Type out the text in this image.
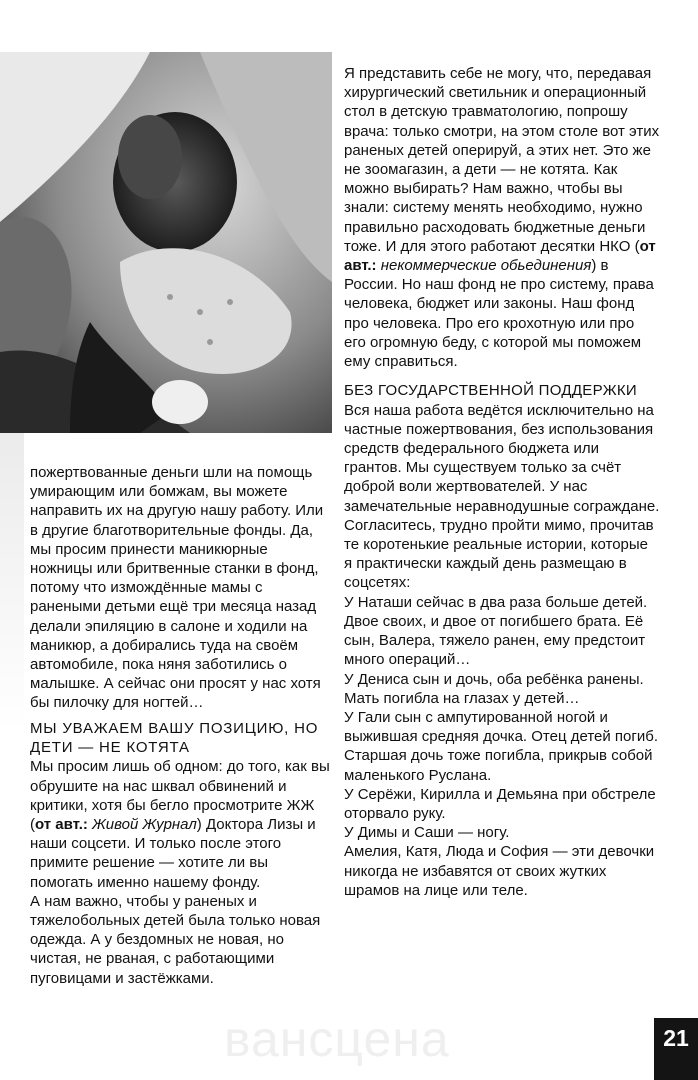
пожертвованные деньги шли на помощь умирающим или бомжам, вы можете направить их на другую нашу работу. Или в другие благотворительные фонды. Да, мы просим принести маникюрные ножницы или бритвенные станки в фонд, потому что измождённые мамы с ранеными детьми ещё три месяца назад делали эпиляцию в салоне и ходили на маникюр, а добирались туда на своём автомобиле, пока няня заботились о малышке. А сейчас они просят у нас хотя бы пилочку для ногтей…

МЫ УВАЖАЕМ ВАШУ ПОЗИЦИЮ, НО ДЕТИ — НЕ КОТЯТА

Мы просим лишь об одном: до того, как вы обрушите на нас шквал обвинений и критики, хотя бы бегло просмотрите ЖЖ (от авт.: Живой Журнал) Доктора Лизы и наши соцсети. И только после этого примите решение — хотите ли вы помогать именно нашему фонду.

А нам важно, чтобы у раненых и тяжелобольных детей была только новая одежда. А у бездомных не новая, но чистая, не рваная, с работающими пуговицами и застёжками.

Я представить себе не могу, что, передавая хирургический светильник и операционный стол в детскую травматологию, попрошу врача: только смотри, на этом столе вот этих раненых детей оперируй, а этих нет. Это же не зоомагазин, а дети — не котята. Как можно выбирать? Нам важно, чтобы вы знали: систему менять необходимо, нужно правильно расходовать бюджетные деньги тоже. И для этого работают десятки НКО (от авт.: некоммерческие обьединения) в России. Но наш фонд не про систему, права человека, бюджет или законы. Наш фонд про человека. Про его крохотную или про его огромную беду, с которой мы поможем ему справиться.

БЕЗ ГОСУДАРСТВЕННОЙ ПОДДЕРЖКИ

Вся наша работа ведётся исключительно на частные пожертвования, без использования средств федерального бюджета или грантов. Мы существуем только за счёт доброй воли жертвователей. У нас замечательные неравнодушные сограждане. Согласитесь, трудно пройти мимо, прочитав те коротенькие реальные истории, которые я практически каждый день размещаю в соцсетях:

У Наташи сейчас в два раза больше детей. Двое своих, и двое от погибшего брата. Её сын, Валера, тяжело ранен, ему предстоит много операций…

У Дениса сын и дочь, оба ребёнка ранены. Мать погибла на глазах у детей…

У Гали сын с ампутированной ногой и выжившая средняя дочка. Отец детей погиб. Старшая дочь тоже погибла, прикрыв собой маленького Руслана.

У Серёжи, Кирилла и Демьяна при обстреле оторвало руку.

У Димы и Саши — ногу.

Амелия, Катя, Люда и София — эти девочки никогда не избавятся от своих жутких шрамов на лице или теле.

вансцена	21
